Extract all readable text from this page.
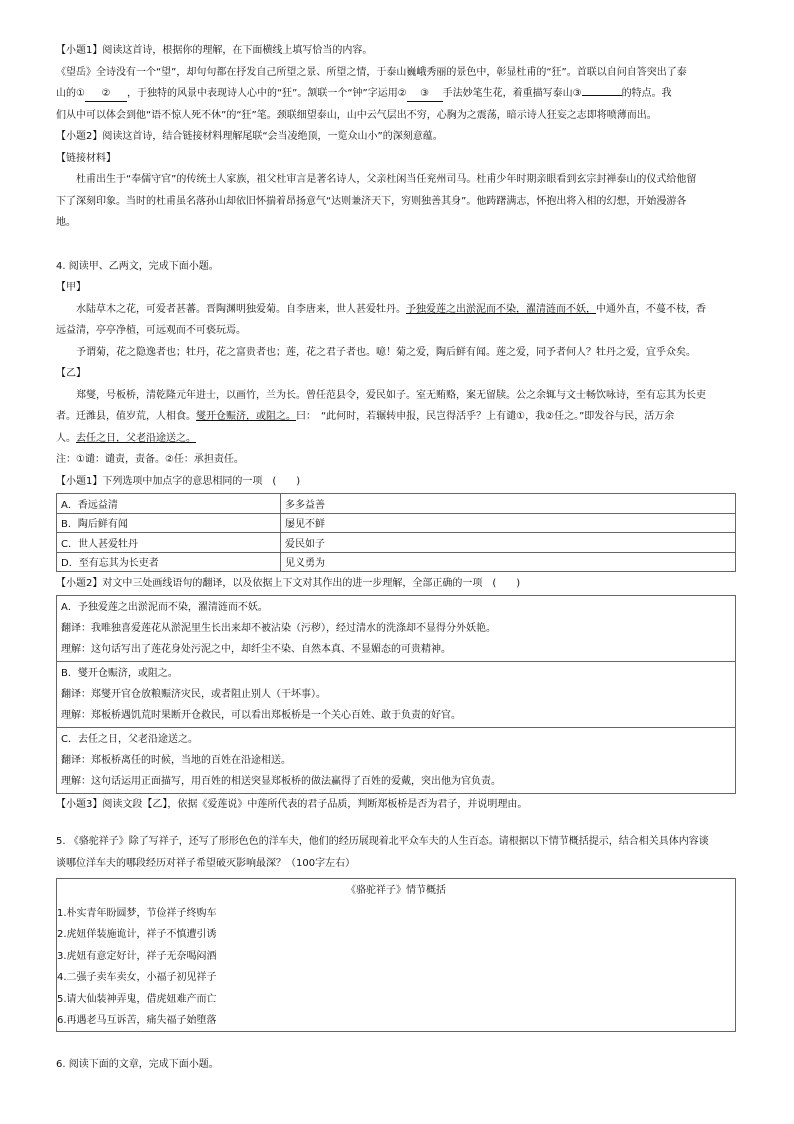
【小题1】阅读这首诗，根据你的理解，在下面横线上填写恰当的内容。
《望岳》全诗没有一个“望”，却句句都在抒发自己所望之景、所望之情，于泰山巍峨秀丽的景色中，彰显杜甫的“狂”。首联以自问自答突出了泰
山的① ② ，于独特的风景中表现诗人心中的“狂”。颔联一个“钟”字运用② ③ 手法妙笔生花，着重描写泰山③	的特点。我
们从中可以体会到他“语不惊人死不休”的“狂”笔。颈联细望泰山，山中云气层出不穷，心胸为之震荡，暗示诗人狂妄之志即将喷薄而出。
【小题2】阅读这首诗，结合链接材料理解尾联“会当凌绝顶，一览众山小”的深刻意蕴。
【链接材料】
杜甫出生于“奉儒守官”的传统士人家族，祖父杜审言是著名诗人，父亲杜闲当任兖州司马。杜甫少年时期亲眼看到玄宗封禅泰山的仪式给他留
下了深刻印象。当时的杜甫虽名落孙山却依旧怀揣着昂扬意气“达则兼济天下，穷则独善其身”。他踌躇满志，怀抱出将入相的幻想，开始漫游各
地。
4. 阅读甲、乙两文，完成下面小题。
【甲】
水陆草木之花，可爱者甚蕃。晋陶渊明独爱菊。自李唐来，世人甚爱牡丹。予独爱莲之出淤泥而不染，濯清涟而不妖，中通外直，不蔓不枝，香
远益清，亭亭净植，可远观而不可亵玩焉。
予谓菊，花之隐逸者也；牡丹，花之富贵者也；莲，花之君子者也。噫！菊之爱，陶后鲜有闻。莲之爱，同予者何人？牡丹之爱，宜乎众矣。
【乙】
郑燮，号板桥，清乾隆元年进士，以画竹，兰为长。曾任范县令，爱民如子。室无贿赂，案无留牍。公之余辄与文士畅饮咏诗，至有忘其为长吏
者。迁潍县，值岁荒，人相食。燮开仓赈济，或阻之。曰：　“此何时，若辗转申报，民岂得活乎？上有谴①，我②任之。”即发谷与民，活万余
人。去任之日，父老沿途送之。
注：①谴：谴责，责备。②任：承担责任。
【小题1】下列选项中加点字的意思相同的一项　(　　)
A．香远益清	多多益善
B．陶后鲜有闻	屡见不鲜
C．世人甚爱牡丹	爱民如子
D．至有忘其为长吏者	见义勇为
【小题2】对文中三处画线语句的翻译，以及依据上下文对其作出的进一步理解，全部正确的一项　(　　)
A．予独爱莲之出淤泥而不染，濯清涟而不妖。
翻译：我唯独喜爱莲花从淤泥里生长出来却不被沾染（污秽），经过清水的洗涤却不显得分外妖艳。
理解：这句话写出了莲花身处污泥之中，却纤尘不染、自然本真、不显媚态的可贵精神。
B．燮开仓赈济，或阻之。
翻译：郑燮开官仓放粮赈济灾民，或者阻止别人（干坏事）。
理解：郑板桥遇饥荒时果断开仓救民，可以看出郑板桥是一个关心百姓、敢于负责的好官。
C．去任之日，父老沿途送之。
翻译：郑板桥离任的时候，当地的百姓在沿途相送。
理解：这句话运用正面描写，用百姓的相送突显郑板桥的做法赢得了百姓的爱戴，突出他为官负责。
【小题3】阅读文段【乙】，依据《爱莲说》中莲所代表的君子品质，判断郑板桥是否为君子，并说明理由。
5. 《骆驼祥子》除了写祥子，还写了形形色色的洋车夫，他们的经历展现着北平众车夫的人生百态。请根据以下情节概括提示，结合相关具体内容谈
谈哪位洋车夫的哪段经历对祥子希望破灭影响最深？（100字左右）
《骆驼祥子》情节概括
1.朴实青年盼圆梦，节俭祥子终购车
2.虎妞佯装施诡计，祥子不慎遭引诱
3.虎妞有意定好计，祥子无奈喝闷酒
4.二强子卖车卖女，小福子初见祥子
5.请大仙装神弄鬼，借虎妞难产而亡
6.再遇老马互诉苦，痛失福子始堕落
6. 阅读下面的文章，完成下面小题。
